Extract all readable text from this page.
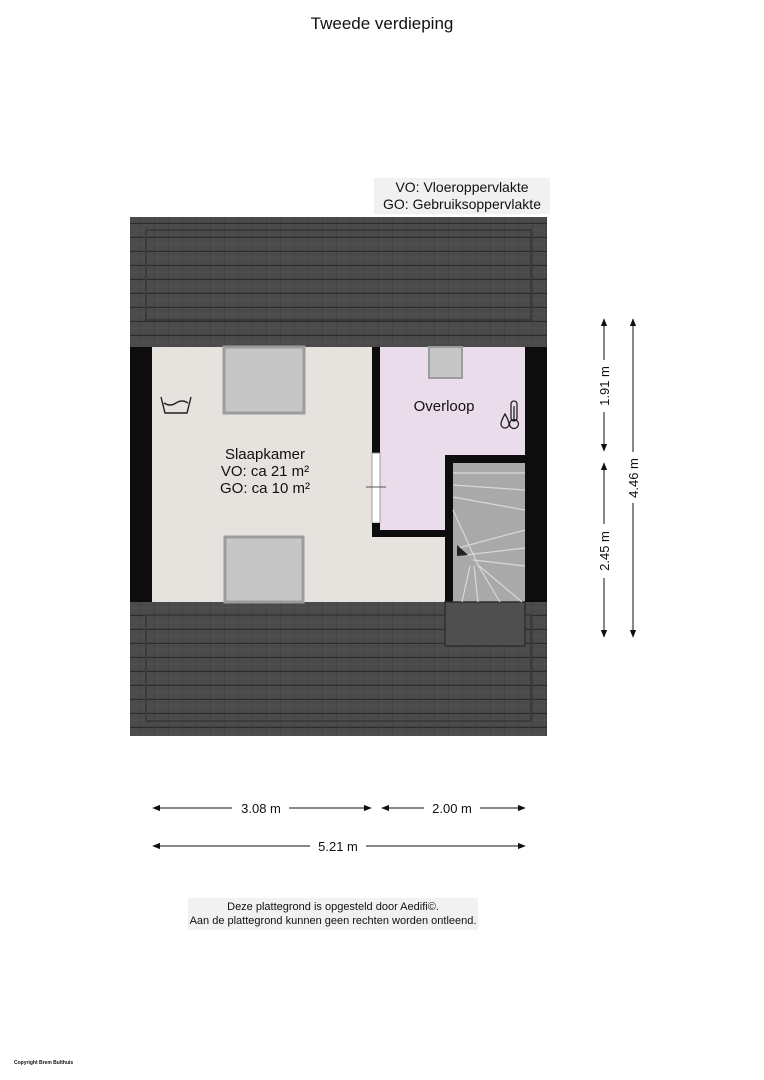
Tweede verdieping
VO: Vloeroppervlakte
GO: Gebruiksoppervlakte
3.08 m	2.00 m
5.21 m
1.91 m
2.45 m
4.46 m
Slaapkamer
VO: ca 21 m²
GO: ca 10 m²
Overloop
Deze plattegrond is opgesteld door Aedifi©.
Aan de plattegrond kunnen geen rechten worden ontleend.
Copyright Brem Bulthuis
